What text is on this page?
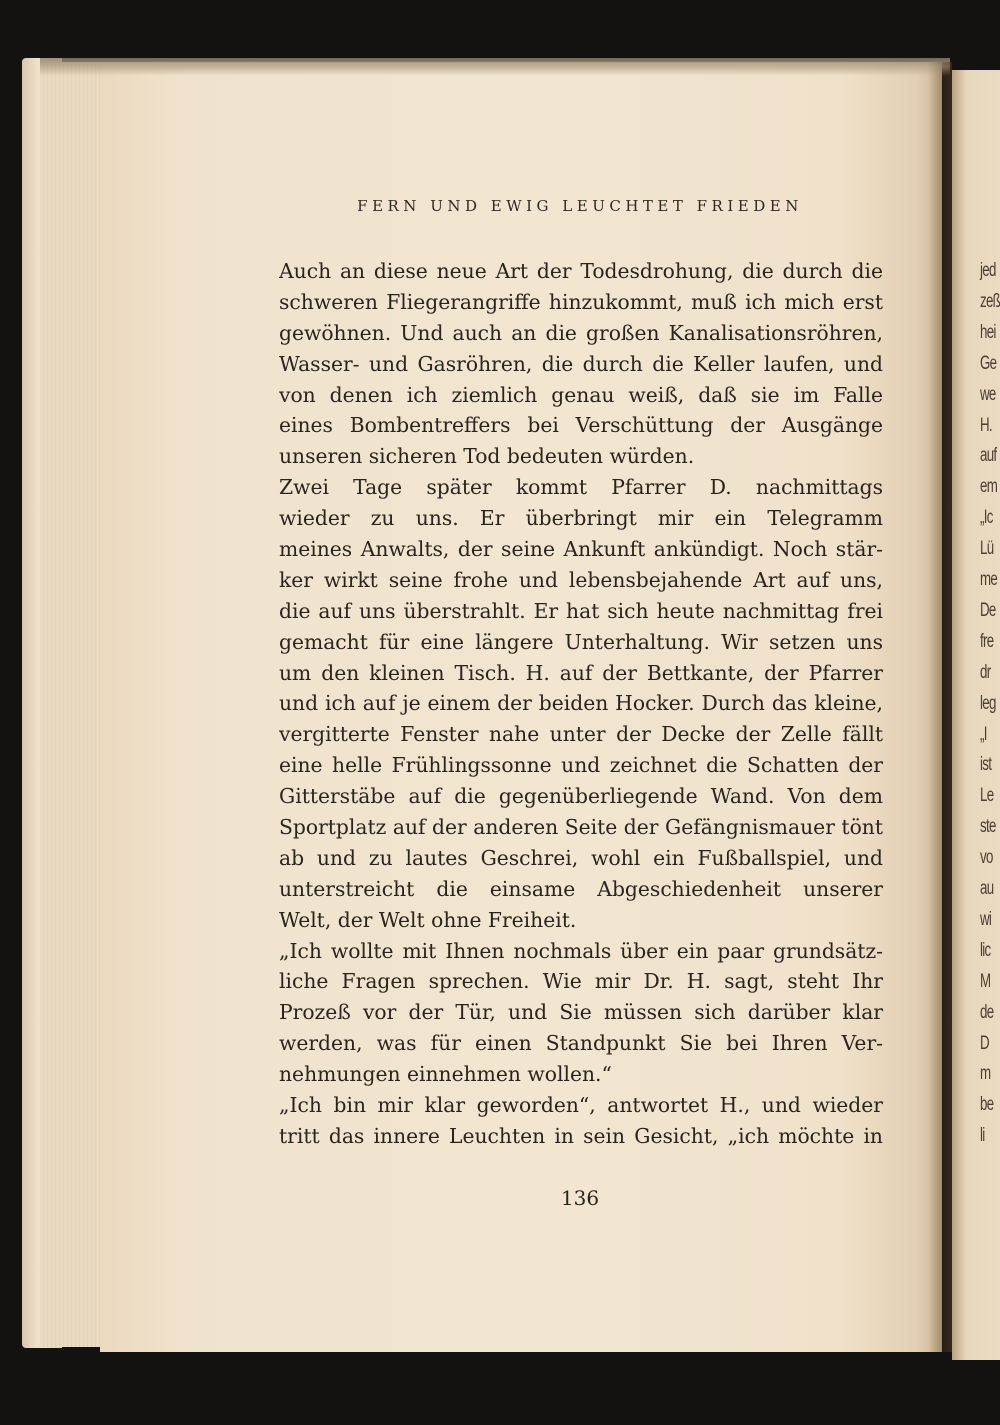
jed
zeß
hei
Ge
we
H.
auf
em
„Ic
Lü
me
De
fre
dr
leg
„I
ist
Le
ste
vo
au
wi
lic
M
de
D
m
be
li
FERN UND EWIG LEUCHTET FRIEDEN
Auch an diese neue Art der Todesdrohung, die durch die
schweren Fliegerangriffe hinzukommt, muß ich mich erst
gewöhnen. Und auch an die großen Kanalisationsröhren,
Wasser- und Gasröhren, die durch die Keller laufen, und
von denen ich ziemlich genau weiß, daß sie im Falle
eines Bombentreffers bei Verschüttung der Ausgänge
unseren sicheren Tod bedeuten würden.
Zwei Tage später kommt Pfarrer D. nachmittags
wieder zu uns. Er überbringt mir ein Telegramm
meines Anwalts, der seine Ankunft ankündigt. Noch stär-
ker wirkt seine frohe und lebensbejahende Art auf uns,
die auf uns überstrahlt. Er hat sich heute nachmittag frei
gemacht für eine längere Unterhaltung. Wir setzen uns
um den kleinen Tisch. H. auf der Bettkante, der Pfarrer
und ich auf je einem der beiden Hocker. Durch das kleine,
vergitterte Fenster nahe unter der Decke der Zelle fällt
eine helle Frühlingssonne und zeichnet die Schatten der
Gitterstäbe auf die gegenüberliegende Wand. Von dem
Sportplatz auf der anderen Seite der Gefängnismauer tönt
ab und zu lautes Geschrei, wohl ein Fußballspiel, und
unterstreicht die einsame Abgeschiedenheit unserer
Welt, der Welt ohne Freiheit.
„Ich wollte mit Ihnen nochmals über ein paar grundsätz-
liche Fragen sprechen. Wie mir Dr. H. sagt, steht Ihr
Prozeß vor der Tür, und Sie müssen sich darüber klar
werden, was für einen Standpunkt Sie bei Ihren Ver-
nehmungen einnehmen wollen.“
„Ich bin mir klar geworden“, antwortet H., und wieder
tritt das innere Leuchten in sein Gesicht, „ich möchte in
136
